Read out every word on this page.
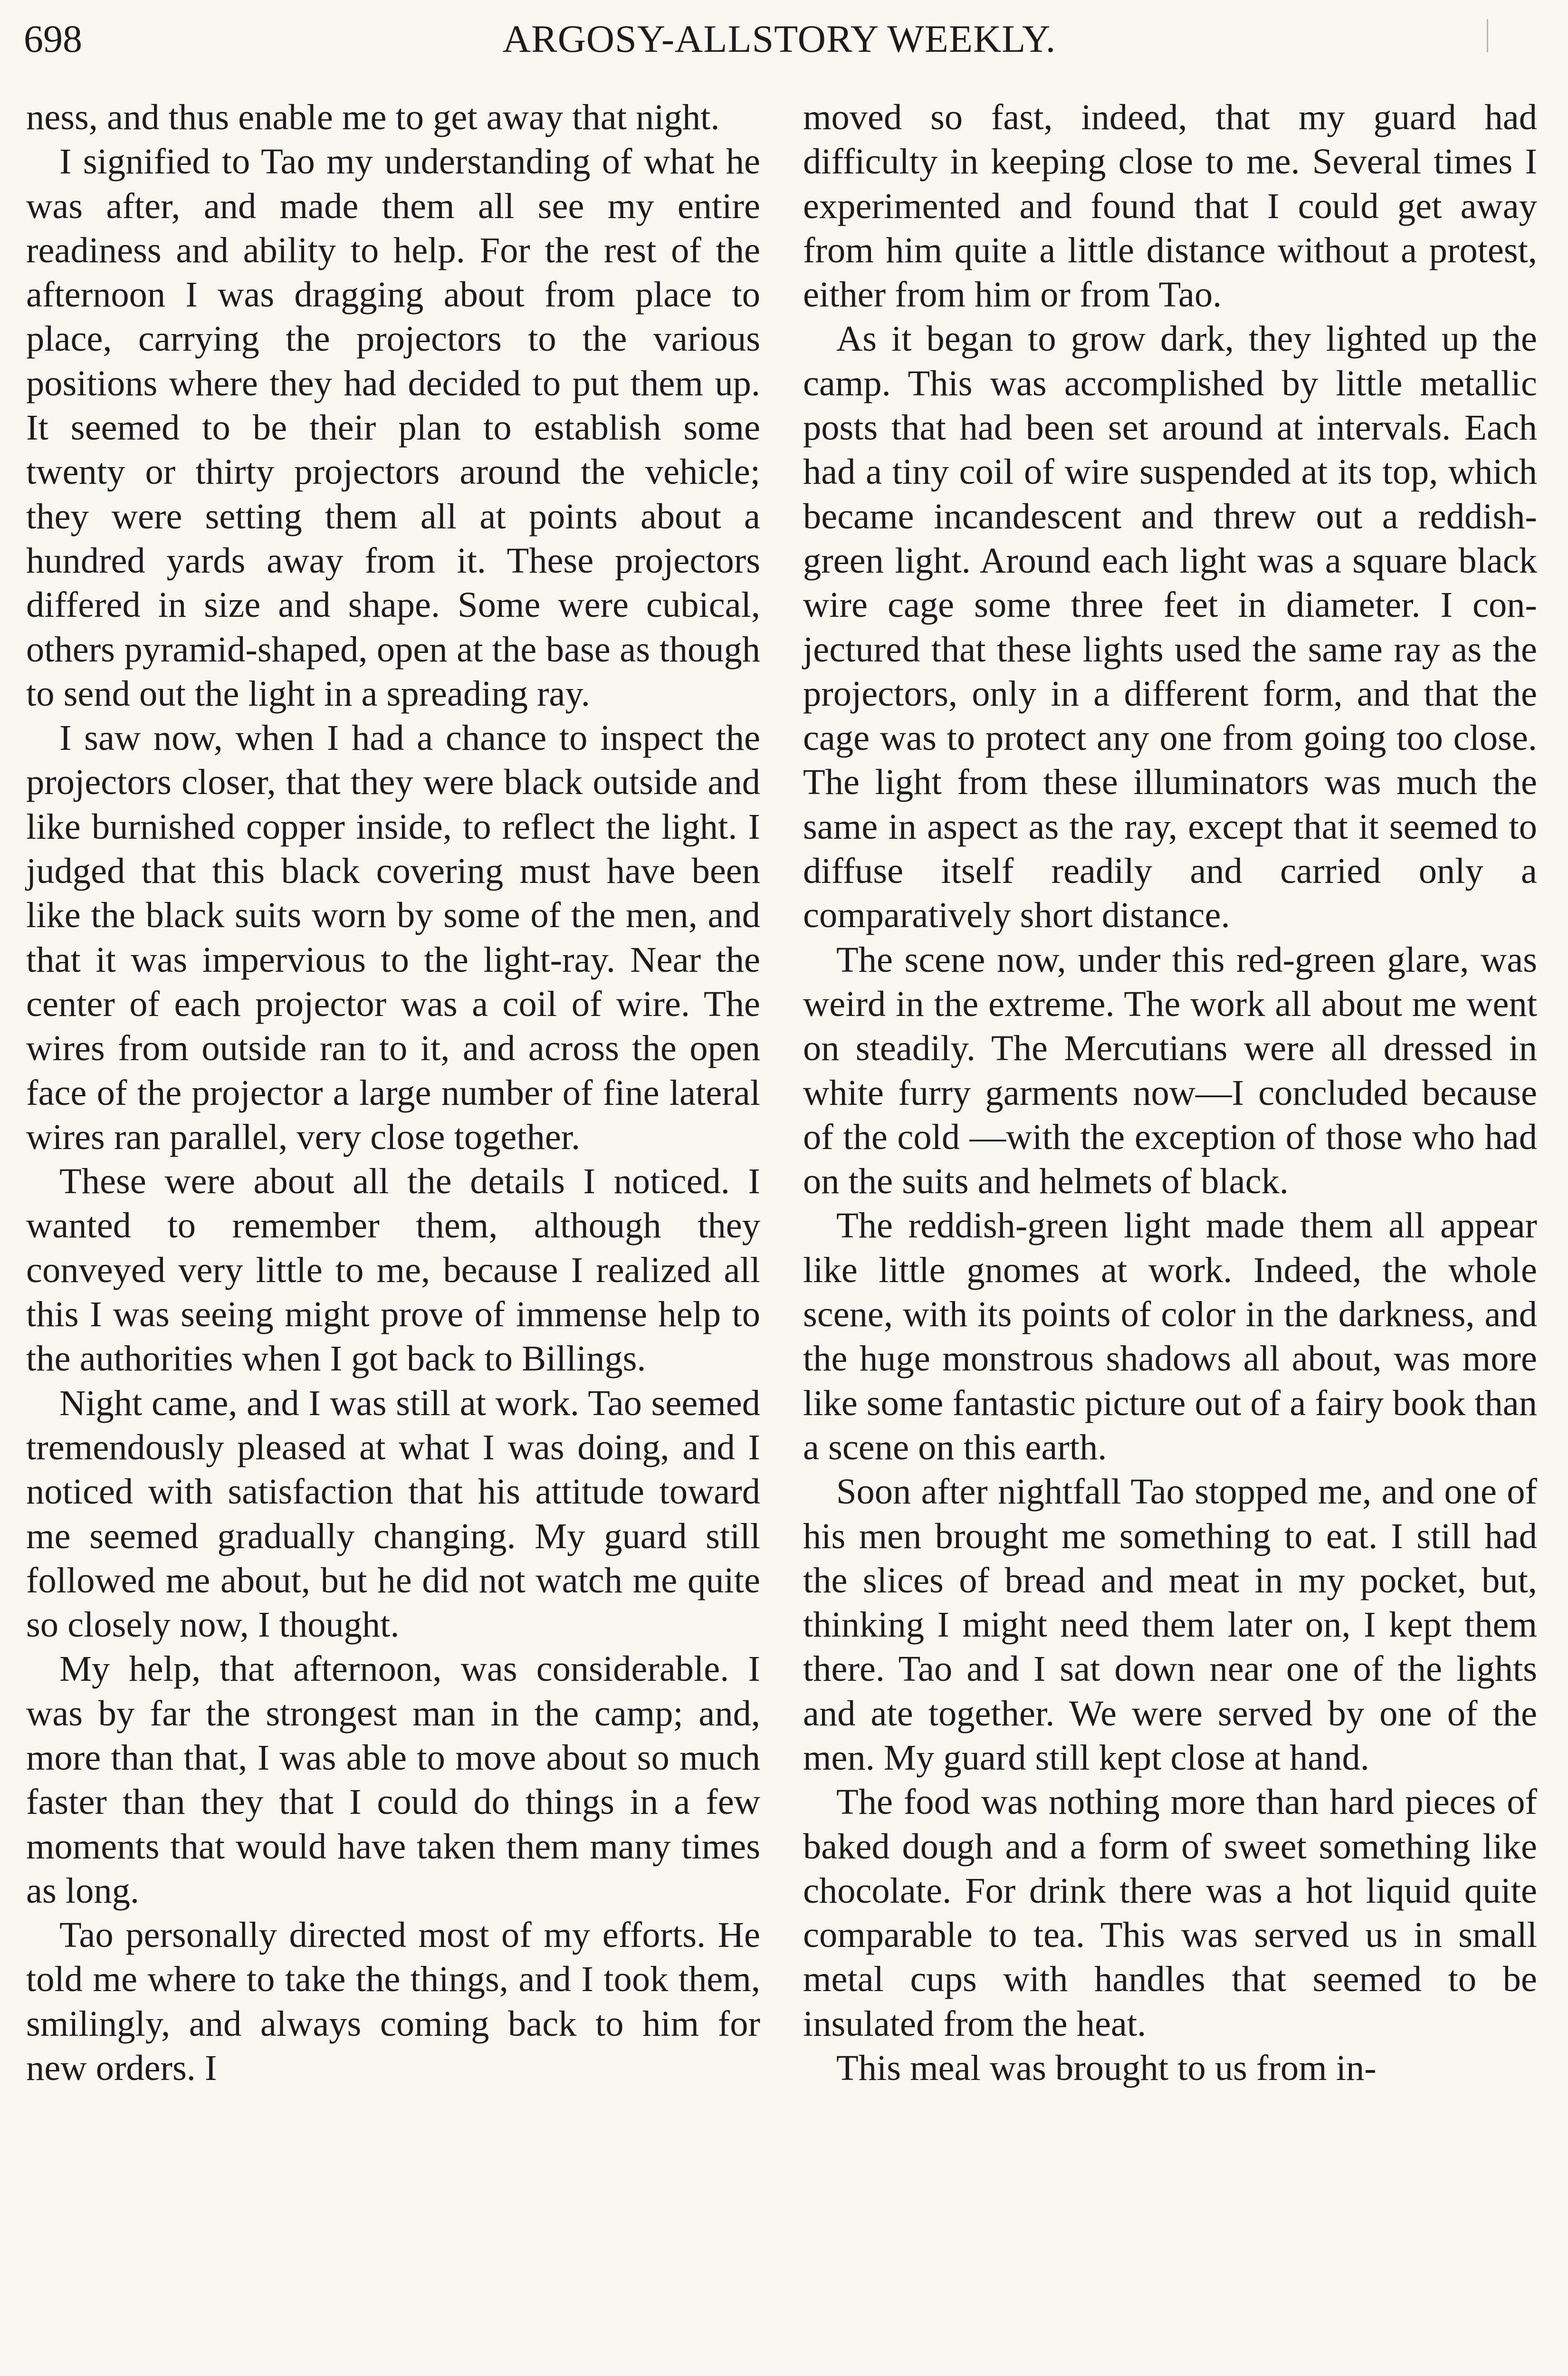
698	ARGOSY-ALLSTORY WEEKLY.

ness, and thus enable me to get away that night.

I signified to Tao my understanding of what he was after, and made them all see my entire readiness and ability to help. For the rest of the afternoon I was dragging about from place to place, carrying the projectors to the various positions where they had decided to put them up. It seemed to be their plan to establish some twenty or thirty projectors around the vehicle; they were setting them all at points about a hundred yards away from it. These projectors differed in size and shape. Some were cubical, others pyramid-shaped, open at the base as though to send out the light in a spreading ray.

I saw now, when I had a chance to inspect the projectors closer, that they were black outside and like burnished copper inside, to reflect the light. I judged that this black covering must have been like the black suits worn by some of the men, and that it was impervious to the light-ray. Near the center of each projector was a coil of wire. The wires from outside ran to it, and across the open face of the projector a large number of fine lateral wires ran parallel, very close together.

These were about all the details I noticed. I wanted to remember them, although they conveyed very little to me, because I realized all this I was seeing might prove of immense help to the authorities when I got back to Billings.

Night came, and I was still at work. Tao seemed tremendously pleased at what I was doing, and I noticed with satisfaction that his attitude toward me seemed gradually changing. My guard still followed me about, but he did not watch me quite so closely now, I thought.

My help, that afternoon, was considerable. I was by far the strongest man in the camp; and, more than that, I was able to move about so much faster than they that I could do things in a few moments that would have taken them many times as long.

Tao personally directed most of my efforts. He told me where to take the things, and I took them, smilingly, and always coming back to him for new orders. I

moved so fast, indeed, that my guard had difficulty in keeping close to me. Several times I experimented and found that I could get away from him quite a little distance without a protest, either from him or from Tao.

As it began to grow dark, they lighted up the camp. This was accomplished by little metallic posts that had been set around at intervals. Each had a tiny coil of wire suspended at its top, which became incandescent and threw out a reddish-green light. Around each light was a square black wire cage some three feet in diameter. I conjectured that these lights used the same ray as the projectors, only in a different form, and that the cage was to protect any one from going too close. The light from these illuminators was much the same in aspect as the ray, except that it seemed to diffuse itself readily and carried only a comparatively short distance.

The scene now, under this red-green glare, was weird in the extreme. The work all about me went on steadily. The Mercutians were all dressed in white furry garments now—I concluded because of the cold —with the exception of those who had on the suits and helmets of black.

The reddish-green light made them all appear like little gnomes at work. Indeed, the whole scene, with its points of color in the darkness, and the huge monstrous shadows all about, was more like some fantastic picture out of a fairy book than a scene on this earth.

Soon after nightfall Tao stopped me, and one of his men brought me something to eat. I still had the slices of bread and meat in my pocket, but, thinking I might need them later on, I kept them there. Tao and I sat down near one of the lights and ate together. We were served by one of the men. My guard still kept close at hand.

The food was nothing more than hard pieces of baked dough and a form of sweet something like chocolate. For drink there was a hot liquid quite comparable to tea. This was served us in small metal cups with handles that seemed to be insulated from the heat.

This meal was brought to us from in-
